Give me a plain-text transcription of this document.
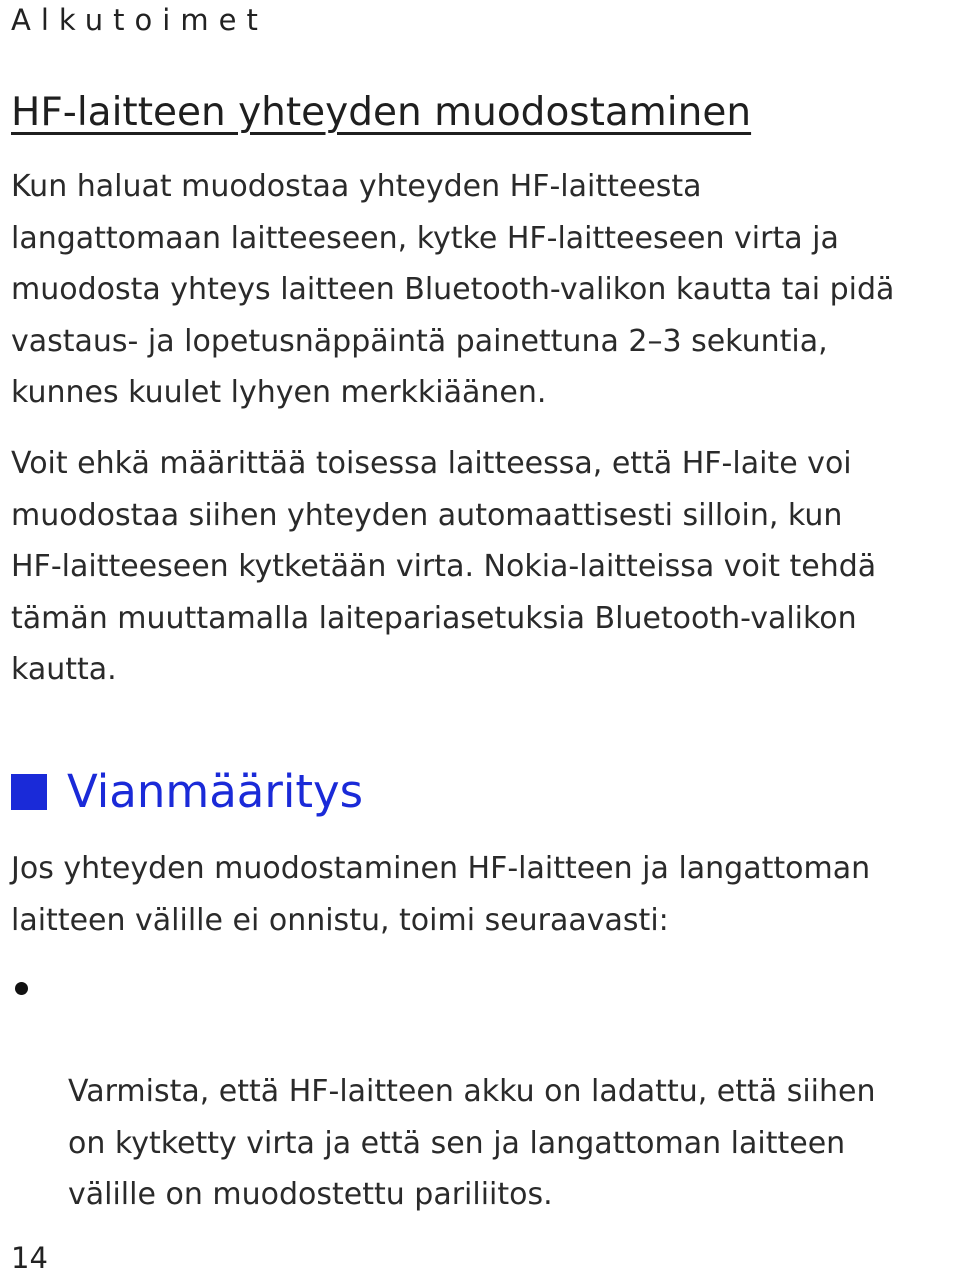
Alkutoimet
HF-laitteen yhteyden muodostaminen

Kun haluat muodostaa yhteyden HF-laitteesta
langattomaan laitteeseen, kytke HF-laitteeseen virta ja
muodosta yhteys laitteen Bluetooth-valikon kautta tai pidä
vastaus- ja lopetusnäppäintä painettuna 2–3 sekuntia,
kunnes kuulet lyhyen merkkiäänen.

Voit ehkä määrittää toisessa laitteessa, että HF-laite voi
muodostaa siihen yhteyden automaattisesti silloin, kun
HF-laitteeseen kytketään virta. Nokia-laitteissa voit tehdä
tämän muuttamalla laitepariasetuksia Bluetooth-valikon
kautta.

Vianmääritys

Jos yhteyden muodostaminen HF-laitteen ja langattoman
laitteen välille ei onnistu, toimi seuraavasti:

Varmista, että HF-laitteen akku on ladattu, että siihen
on kytketty virta ja että sen ja langattoman laitteen
välille on muodostettu pariliitos.

14
